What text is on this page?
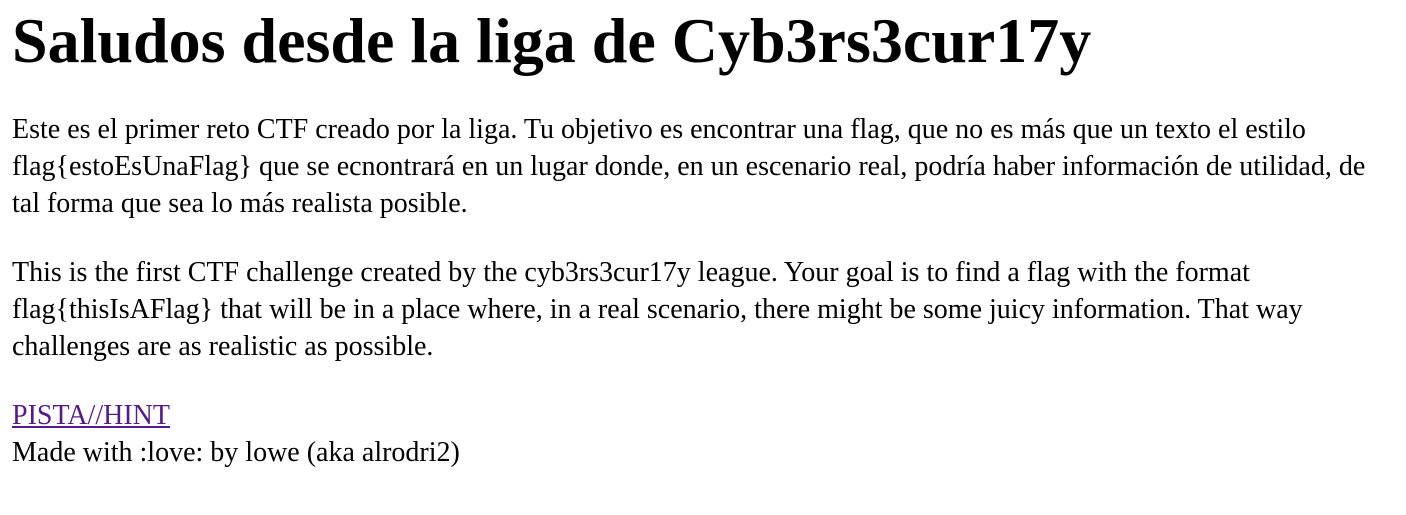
Saludos desde la liga de Cyb3rs3cur17y

Este es el primer reto CTF creado por la liga. Tu objetivo es encontrar una flag, que no es más que un texto el estilo flag{estoEsUnaFlag} que se ecnontrará en un lugar donde, en un escenario real, podría haber información de utilidad, de tal forma que sea lo más realista posible.

This is the first CTF challenge created by the cyb3rs3cur17y league. Your goal is to find a flag with the format flag{thisIsAFlag} that will be in a place where, in a real scenario, there might be some juicy information. That way challenges are as realistic as possible.

PISTA//HINT
Made with :love: by lowe (aka alrodri2)
